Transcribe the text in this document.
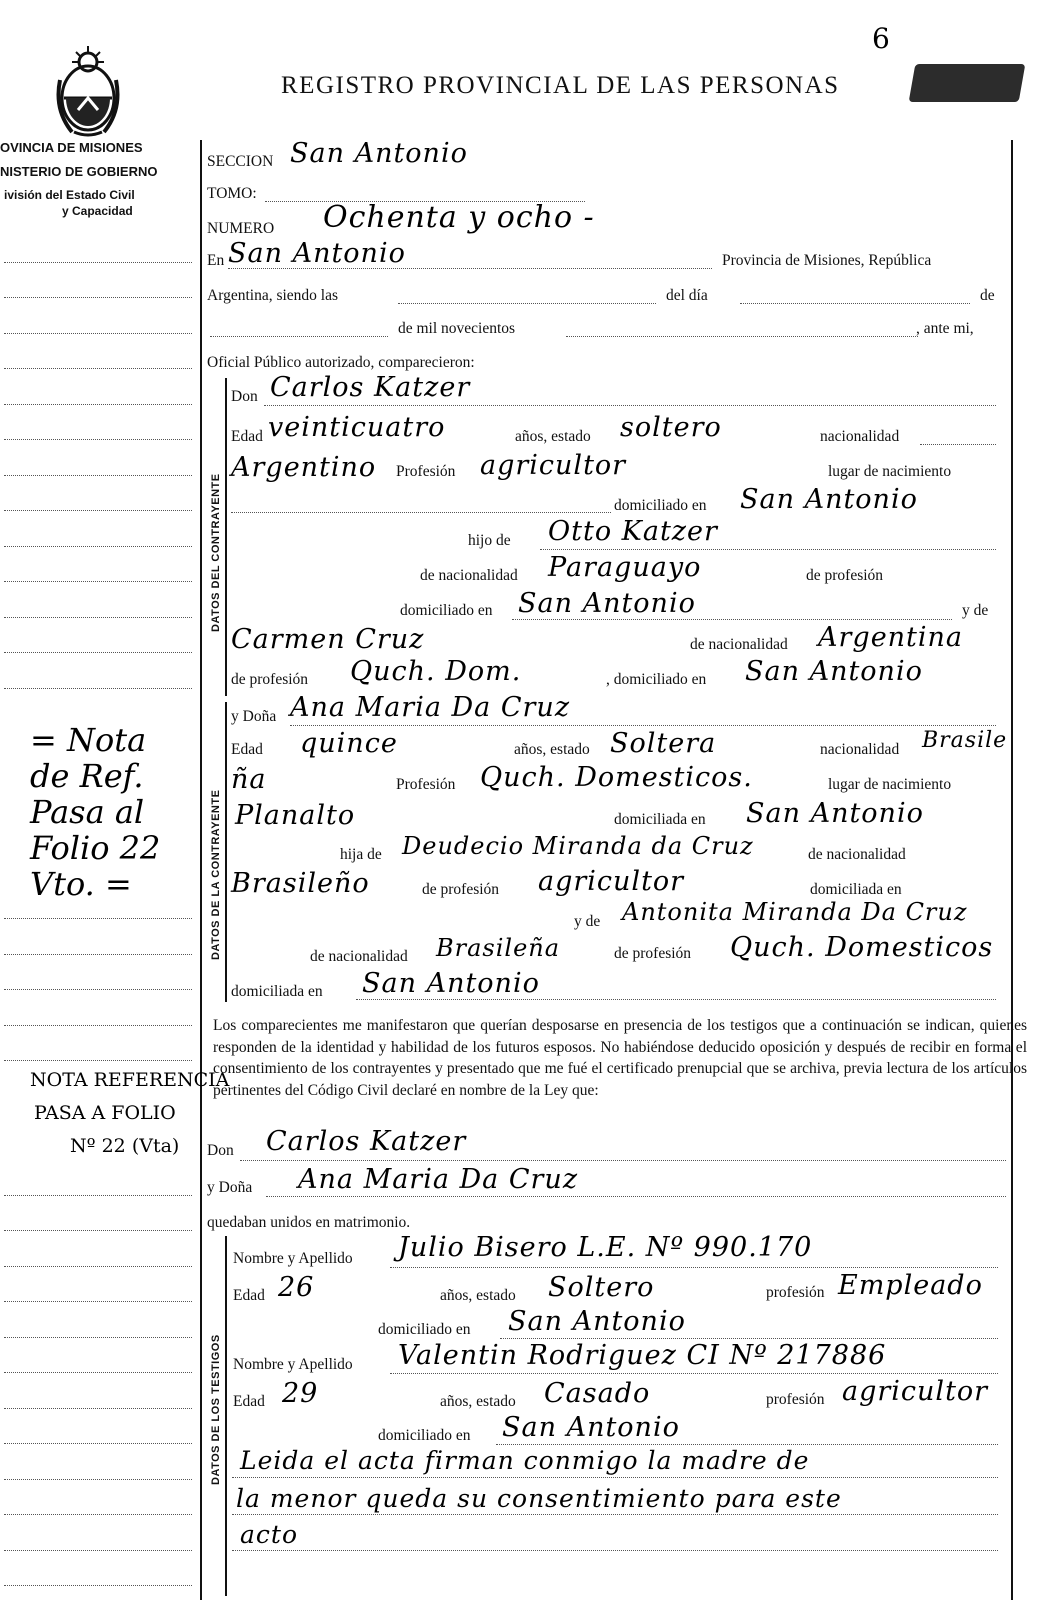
6
REGISTRO PROVINCIAL DE LAS PERSONAS
OVINCIA DE MISIONES
NISTERIO DE GOBIERNO
ivisión del Estado Civil
y Capacidad
DATOS DEL CONTRAYENTE
DATOS DE LA CONTRAYENTE
DATOS DE LOS TESTIGOS
= Nota
de Ref.
Pasa al
Folio 22
Vto. =
NOTA REFERENCIA
PASA A FOLIO
Nº 22 (Vta)
SECCION San Antonio
TOMO:
NUMERO Ochenta y ocho -
En San Antonio	Provincia de Misiones, República
Argentina, siendo las	del día	de
de mil novecientos	, ante mi,
Oficial Público autorizado, comparecieron:
Don Carlos Katzer
Edad veinticuatro	años, estado soltero	nacionalidad
Argentino Profesión agricultor	lugar de nacimiento
domiciliado en San Antonio
hijo de Otto Katzer
de nacionalidad Paraguayo	de profesión
domiciliado en San Antonio	y de
Carmen Cruz	de nacionalidad Argentina
de profesión Quch. Dom.	, domiciliado en San Antonio
y Doña Ana Maria Da Cruz
Edad quince	años, estado Soltera	nacionalidad Brasile
ña	Profesión Quch. Domesticos.	lugar de nacimiento
Planalto	domiciliada en San Antonio
hija de Deudecio Miranda da Cruz	de nacionalidad
Brasileño	de profesión agricultor	domiciliada en
y de Antonita Miranda Da Cruz
de nacionalidad Brasileña	de profesión Quch. Domesticos
domiciliada en San Antonio
Los comparecientes me manifestaron que querían desposarse en presencia de los testigos que a continuación se indican, quienes responden de la identidad y habilidad de los futuros esposos. No habiéndose deducido oposición y después de recibir en forma el consentimiento de los contrayentes y presentado que me fué el certificado prenupcial que se archiva, previa lectura de los artículos pertinentes del Código Civil declaré en nombre de la Ley que:
Don Carlos Katzer
y Doña Ana Maria Da Cruz
quedaban unidos en matrimonio.
Nombre y Apellido Julio Bisero L.E. Nº 990.170
Edad 26	años, estado Soltero	profesión Empleado
domiciliado en San Antonio
Nombre y Apellido Valentin Rodriguez CI Nº 217886
Edad 29	años, estado Casado	profesión agricultor
domiciliado en San Antonio
Leida el acta firman conmigo la madre de
la menor queda su consentimiento para este
acto
